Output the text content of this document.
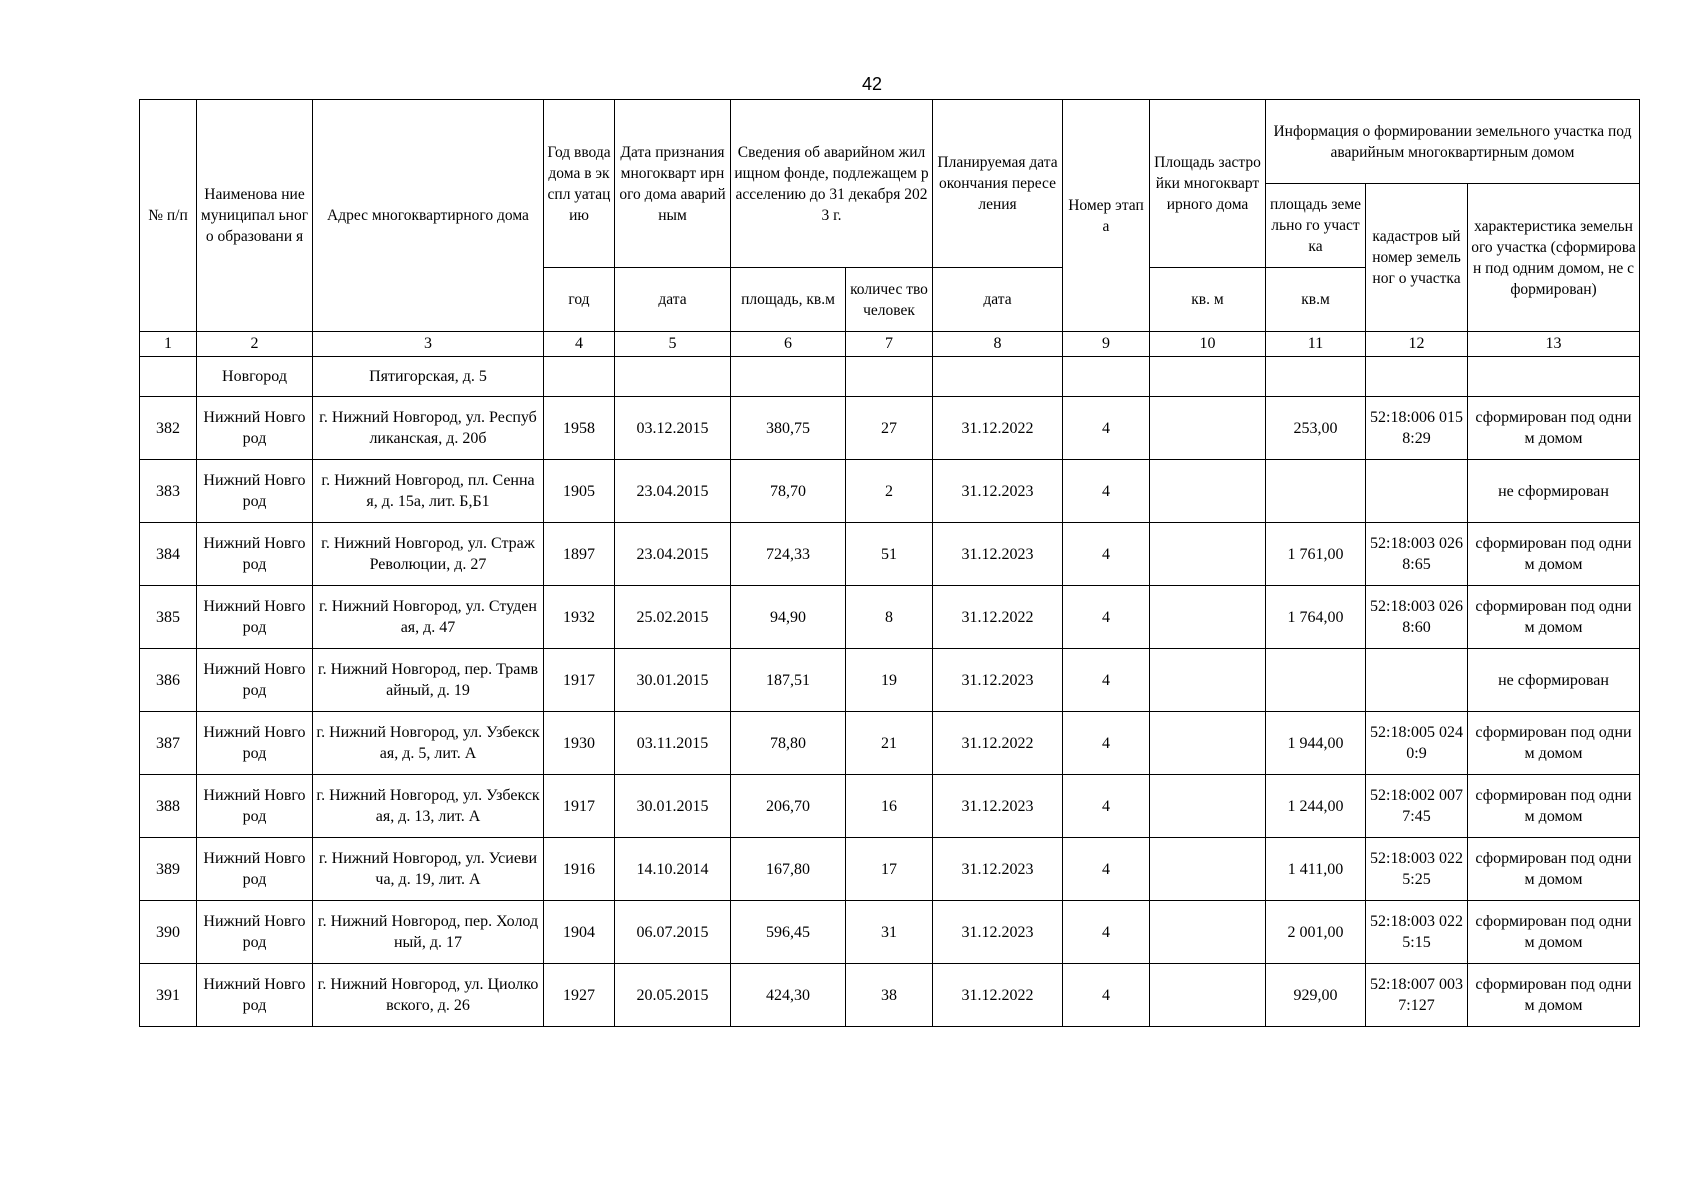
42
№ п/п	Наименова ние муниципал ьного образовани я	Адрес многоквартирного дома	Год ввода дома в экспл уатац ию	Дата признания многокварт ирного дома аварийным	Сведения об аварийном жилищном фонде, подлежащем расселению до 31 декабря 2023 г.		Планируемая дата окончания переселения	Номер этапа	Площадь застройки многокварт ирного дома	Информация о формировании земельного участка под аварийным многоквартирным домом		
										площадь земельно го участка	кадастров ый номер земельног о участка	характеристика земельного участка (сформирован под одним домом, не сформирован)
			год	дата	площадь, кв.м	количес тво человек	дата		кв. м	кв.м		
1	2	3	4	5	6	7	8	9	10	11	12	13
	Новгород	Пятигорская, д. 5										
382	Нижний Новгород	г. Нижний Новгород, ул. Республиканская, д. 20б	1958	03.12.2015	380,75	27	31.12.2022	4		253,00	52:18:006 0158:29	сформирован под одним домом
383	Нижний Новгород	г. Нижний Новгород, пл. Сенная, д. 15а, лит. Б,Б1	1905	23.04.2015	78,70	2	31.12.2023	4				не сформирован
384	Нижний Новгород	г. Нижний Новгород, ул. Страж Революции, д. 27	1897	23.04.2015	724,33	51	31.12.2023	4		1 761,00	52:18:003 0268:65	сформирован под одним домом
385	Нижний Новгород	г. Нижний Новгород, ул. Студеная, д. 47	1932	25.02.2015	94,90	8	31.12.2022	4		1 764,00	52:18:003 0268:60	сформирован под одним домом
386	Нижний Новгород	г. Нижний Новгород, пер. Трамвайный, д. 19	1917	30.01.2015	187,51	19	31.12.2023	4				не сформирован
387	Нижний Новгород	г. Нижний Новгород, ул. Узбекская, д. 5, лит. А	1930	03.11.2015	78,80	21	31.12.2022	4		1 944,00	52:18:005 0240:9	сформирован под одним домом
388	Нижний Новгород	г. Нижний Новгород, ул. Узбекская, д. 13, лит. А	1917	30.01.2015	206,70	16	31.12.2023	4		1 244,00	52:18:002 0077:45	сформирован под одним домом
389	Нижний Новгород	г. Нижний Новгород, ул. Усиевича, д. 19, лит. А	1916	14.10.2014	167,80	17	31.12.2023	4		1 411,00	52:18:003 0225:25	сформирован под одним домом
390	Нижний Новгород	г. Нижний Новгород, пер. Холодный, д. 17	1904	06.07.2015	596,45	31	31.12.2023	4		2 001,00	52:18:003 0225:15	сформирован под одним домом
391	Нижний Новгород	г. Нижний Новгород, ул. Циолковского, д. 26	1927	20.05.2015	424,30	38	31.12.2022	4		929,00	52:18:007 0037:127	сформирован под одним домом
